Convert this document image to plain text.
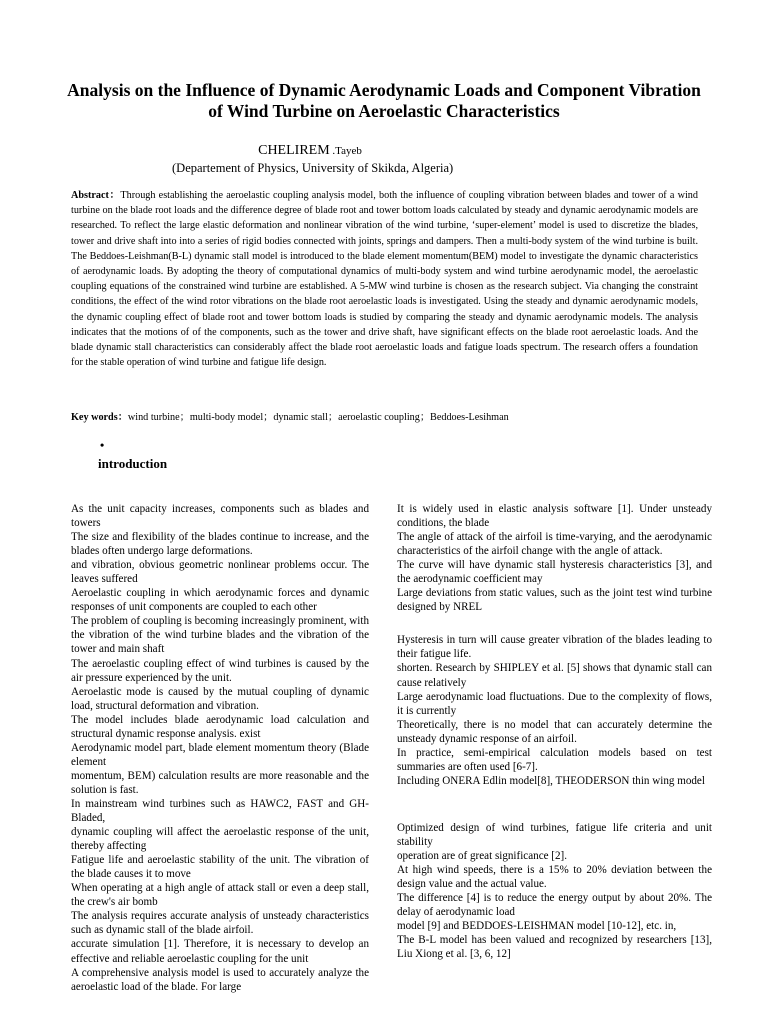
Analysis on the Influence of Dynamic Aerodynamic Loads and Component Vibration of Wind Turbine on Aeroelastic Characteristics
CHELIREM .Tayeb
(Departement of Physics, University of Skikda, Algeria)
Abstract：Through establishing the aeroelastic coupling analysis model, both the influence of coupling vibration between blades and tower of a wind turbine on the blade root loads and the difference degree of blade root and tower bottom loads calculated by steady and dynamic aerodynamic models are researched. To reflect the large elastic deformation and nonlinear vibration of the wind turbine, ‘super-element’ model is used to discretize the blades, tower and drive shaft into into a series of rigid bodies connected with joints, springs and dampers. Then a multi-body system of the wind turbine is built. The Beddoes-Leishman(B-L) dynamic stall model is introduced to the blade element momentum(BEM) model to investigate the dynamic characteristics of aerodynamic loads. By adopting the theory of computational dynamics of multi-body system and wind turbine aerodynamic model, the aeroelastic coupling equations of the constrained wind turbine are established. A 5-MW wind turbine is chosen as the research subject. Via changing the constraint conditions, the effect of the wind rotor vibrations on the blade root aeroelastic loads is investigated. Using the steady and dynamic aerodynamic models, the dynamic coupling effect of blade root and tower bottom loads is studied by comparing the steady and dynamic aerodynamic models. The analysis indicates that the motions of of the components, such as the tower and drive shaft, have significant effects on the blade root aeroelastic loads. And the blade dynamic stall characteristics can considerably affect the blade root aeroelastic loads and fatigue loads spectrum. The research offers a foundation for the stable operation of wind turbine and fatigue life design.
Key words：wind turbine；multi-body model；dynamic stall；aeroelastic coupling；Beddoes-Lesihman
•
introduction

As the unit capacity increases, components such as blades and towers

The size and flexibility of the blades continue to increase, and the blades often undergo large deformations.

and vibration, obvious geometric nonlinear problems occur. The leaves suffered

Aeroelastic coupling in which aerodynamic forces and dynamic responses of unit components are coupled to each other

The problem of coupling is becoming increasingly prominent, with the vibration of the wind turbine blades and the vibration of the tower and main shaft

The aeroelastic coupling effect of wind turbines is caused by the air pressure experienced by the unit.

Aeroelastic mode is caused by the mutual coupling of dynamic load, structural deformation and vibration.

The model includes blade aerodynamic load calculation and structural dynamic response analysis. exist

Aerodynamic model part, blade element momentum theory (Blade element

momentum, BEM) calculation results are more reasonable and the solution is fast.

In mainstream wind turbines such as HAWC2, FAST and GH-Bladed,

dynamic coupling will affect the aeroelastic response of the unit, thereby affecting

Fatigue life and aeroelastic stability of the unit. The vibration of the blade causes it to move

When operating at a high angle of attack stall or even a deep stall, the crew's air bomb

The analysis requires accurate analysis of unsteady characteristics such as dynamic stall of the blade airfoil.

accurate simulation [1]. Therefore, it is necessary to develop an effective and reliable aeroelastic coupling for the unit

A comprehensive analysis model is used to accurately analyze the aeroelastic load of the blade. For large

It is widely used in elastic analysis software [1]. Under unsteady conditions, the blade

The angle of attack of the airfoil is time-varying, and the aerodynamic characteristics of the airfoil change with the angle of attack.

The curve will have dynamic stall hysteresis characteristics [3], and the aerodynamic coefficient may

Large deviations from static values, such as the joint test wind turbine designed by NREL

Hysteresis in turn will cause greater vibration of the blades leading to their fatigue life.

shorten. Research by SHIPLEY et al. [5] shows that dynamic stall can cause relatively

Large aerodynamic load fluctuations. Due to the complexity of flows, it is currently

Theoretically, there is no model that can accurately determine the unsteady dynamic response of an airfoil.

In practice, semi-empirical calculation models based on test summaries are often used [6-7].

Including ONERA Edlin model[8], THEODERSON thin wing model

Optimized design of wind turbines, fatigue life criteria and unit stability

operation are of great significance [2].

At high wind speeds, there is a 15% to 20% deviation between the design value and the actual value.

The difference [4] is to reduce the energy output by about 20%. The delay of aerodynamic load

model [9] and BEDDOES-LEISHMAN model [10-12], etc. in,

The B-L model has been valued and recognized by researchers [13], Liu Xiong et al. [3, 6, 12]
